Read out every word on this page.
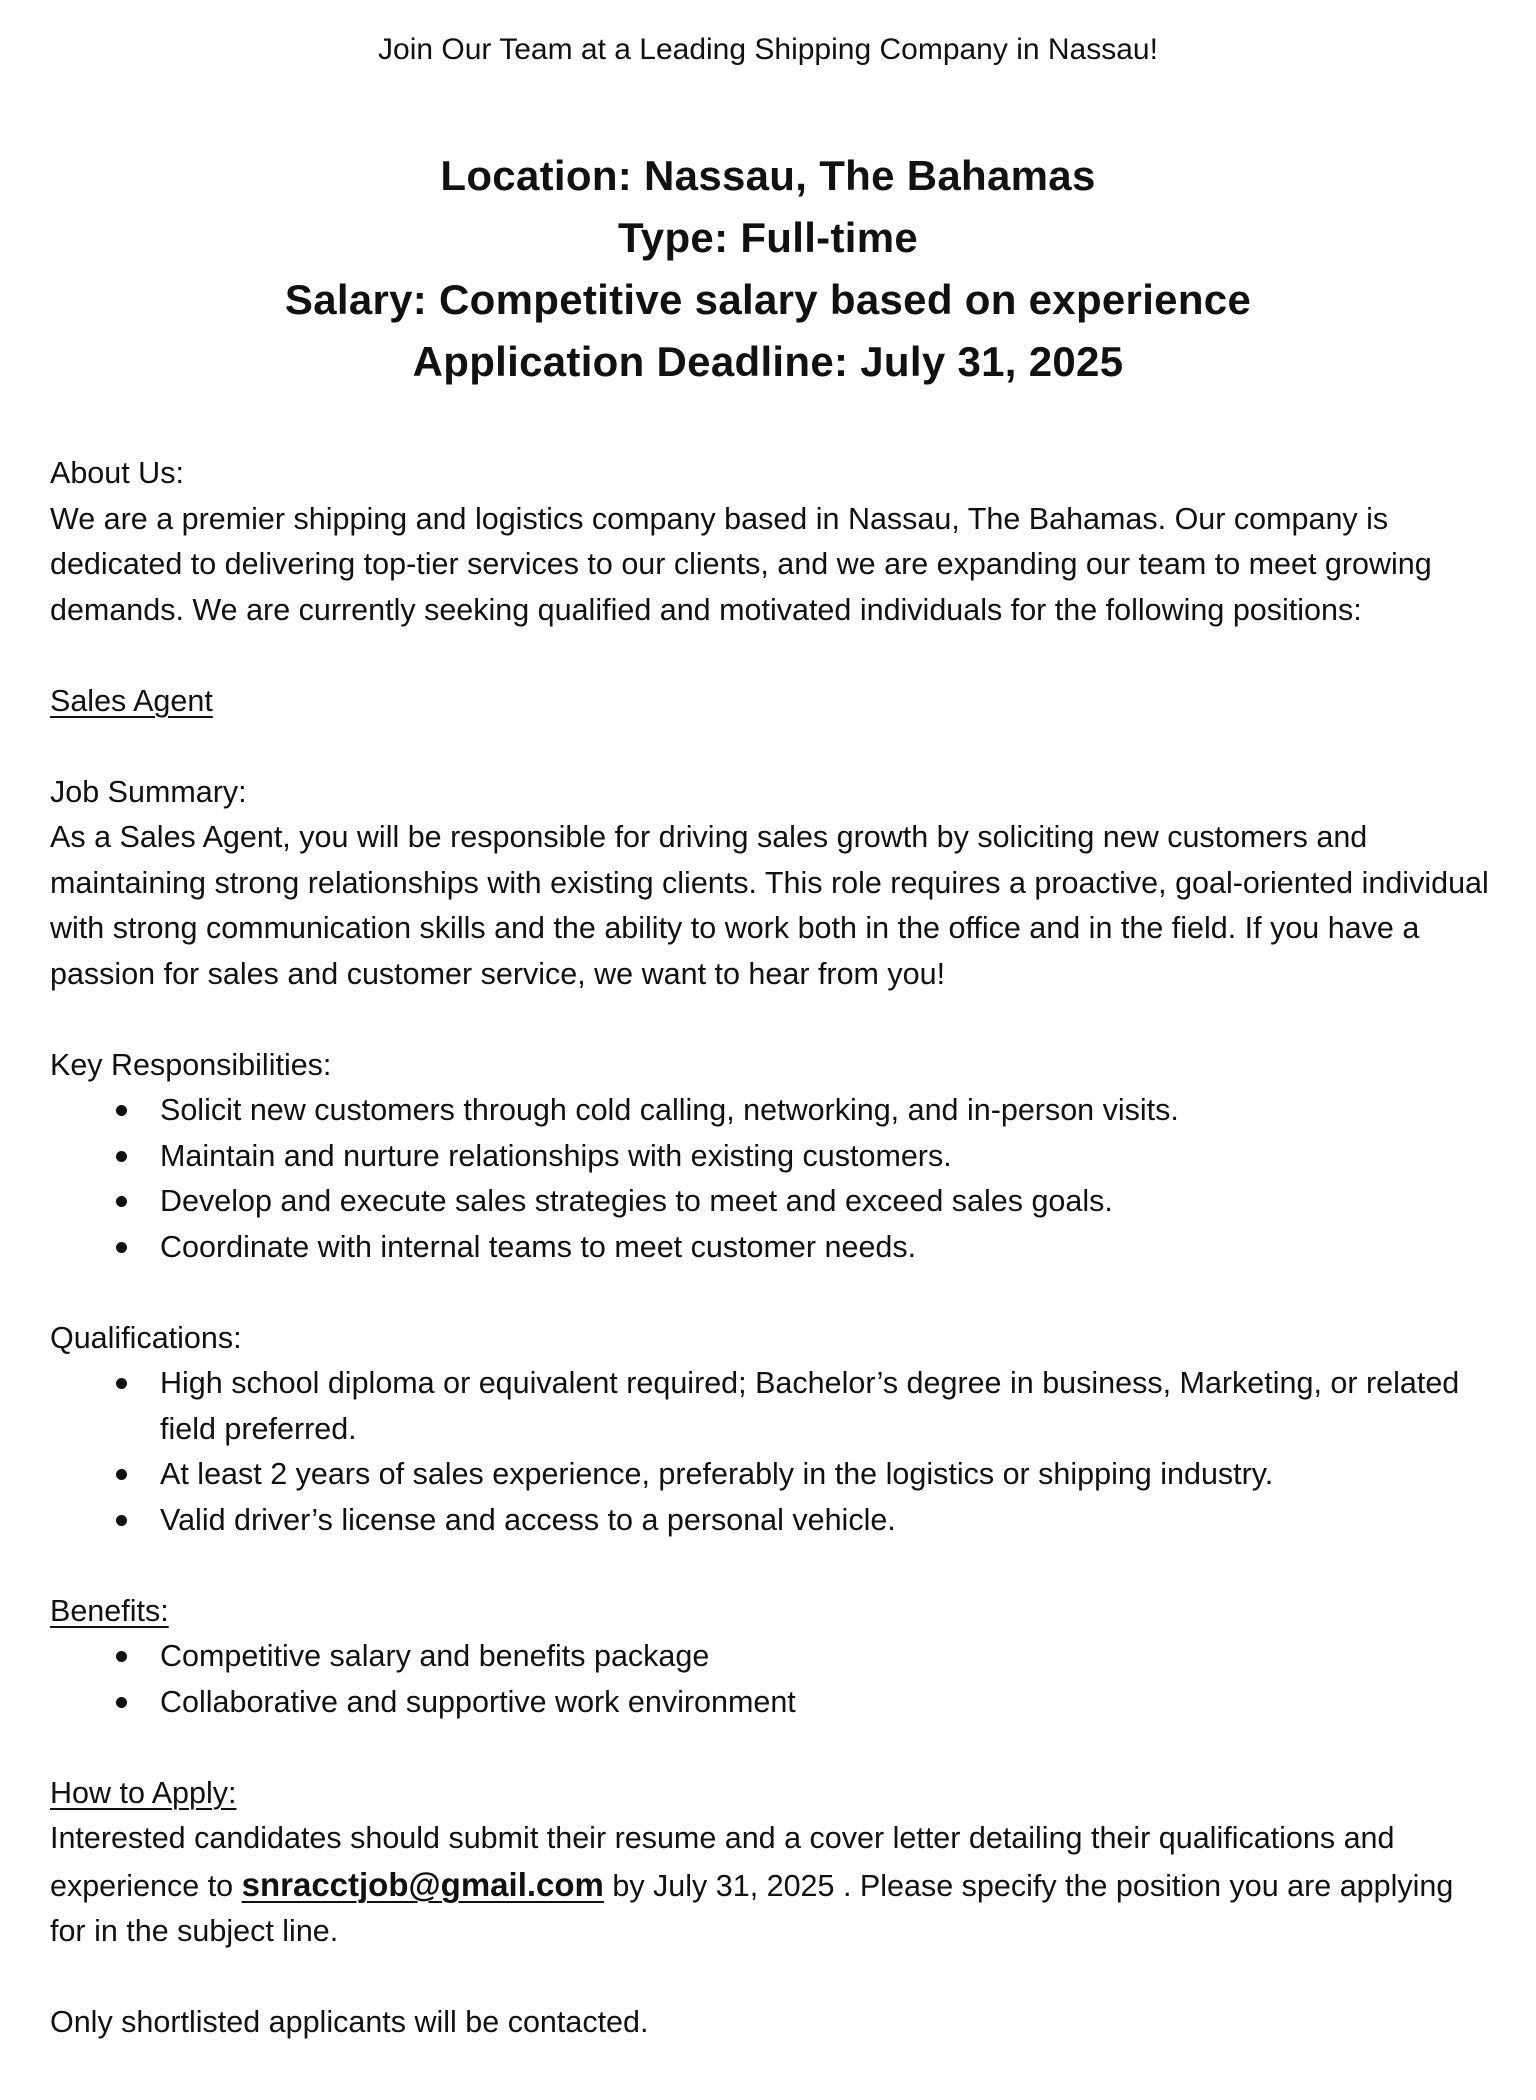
Join Our Team at a Leading Shipping Company in Nassau!
Location: Nassau, The Bahamas
Type: Full-time
Salary: Competitive salary based on experience
Application Deadline: July 31, 2025

About Us:

We are a premier shipping and logistics company based in Nassau, The Bahamas. Our company is dedicated to delivering top-tier services to our clients, and we are expanding our team to meet growing demands. We are currently seeking qualified and motivated individuals for the following positions:

Sales Agent

Job Summary:

As a Sales Agent, you will be responsible for driving sales growth by soliciting new customers and maintaining strong relationships with existing clients. This role requires a proactive, goal-oriented individual with strong communication skills and the ability to work both in the office and in the field. If you have a passion for sales and customer service, we want to hear from you!

Key Responsibilities:

Solicit new customers through cold calling, networking, and in-person visits.
Maintain and nurture relationships with existing customers.
Develop and execute sales strategies to meet and exceed sales goals.
Coordinate with internal teams to meet customer needs.

Qualifications:

High school diploma or equivalent required; Bachelor’s degree in business, Marketing, or related field preferred.
At least 2 years of sales experience, preferably in the logistics or shipping industry.
Valid driver’s license and access to a personal vehicle.

Benefits:

Competitive salary and benefits package
Collaborative and supportive work environment

How to Apply:

Interested candidates should submit their resume and a cover letter detailing their qualifications and experience to snracctjob@gmail.com by July 31, 2025 . Please specify the position you are applying for in the subject line.

Only shortlisted applicants will be contacted.
